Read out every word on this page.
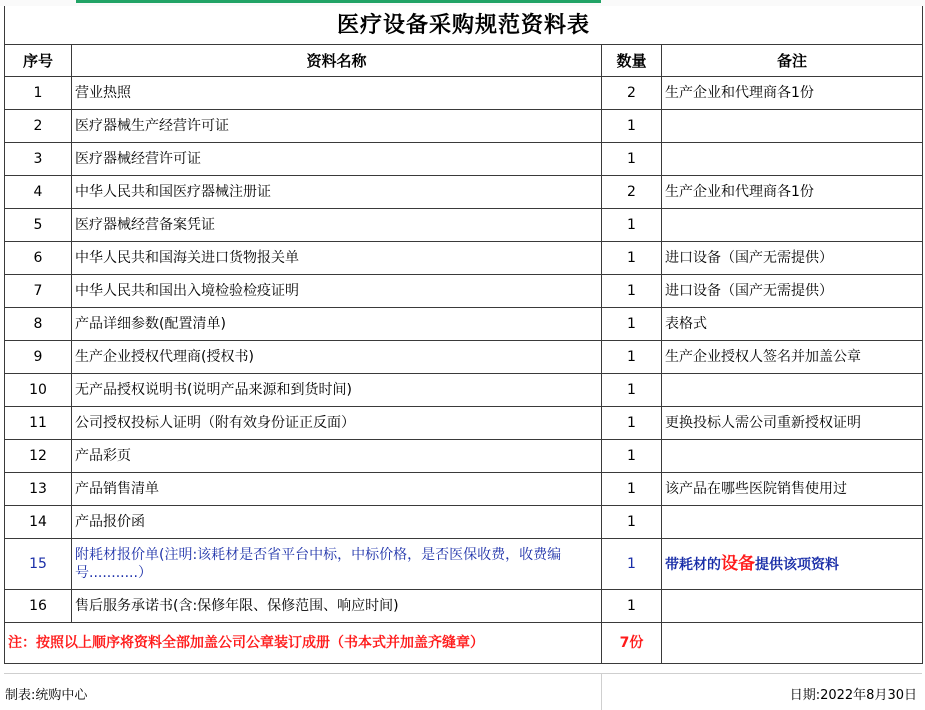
医疗设备采购规范资料表			
序号	资料名称	数量	备注
1	营业热照	2	生产企业和代理商各1份
2	医疗器械生产经营许可证	1	
3	医疗器械经营许可证	1	
4	中华人民共和国医疗器械注册证	2	生产企业和代理商各1份
5	医疗器械经营备案凭证	1	
6	中华人民共和国海关进口货物报关单	1	进口设备（国产无需提供）
7	中华人民共和国出入境检验检疫证明	1	进口设备（国产无需提供）
8	产品详细参数(配置清单)	1	表格式
9	生产企业授权代理商(授权书)	1	生产企业授权人签名并加盖公章
10	无产品授权说明书(说明产品来源和到货时间)	1	
11	公司授权投标人证明（附有效身份证正反面）	1	更换投标人需公司重新授权证明
12	产品彩页	1	
13	产品销售清单	1	该产品在哪些医院销售使用过
14	产品报价函	1	
15	附耗材报价单(注明:该耗材是否省平台中标，中标价格，是否医保收费，收费编号...........）	1	带耗材的设备提供该项资料
16	售后服务承诺书(含:保修年限、保修范围、响应时间)	1	
注：按照以上顺序将资料全部加盖公司公章装订成册（书本式并加盖齐缝章）		7份	
制表:统购中心	日期:2022年8月30日
